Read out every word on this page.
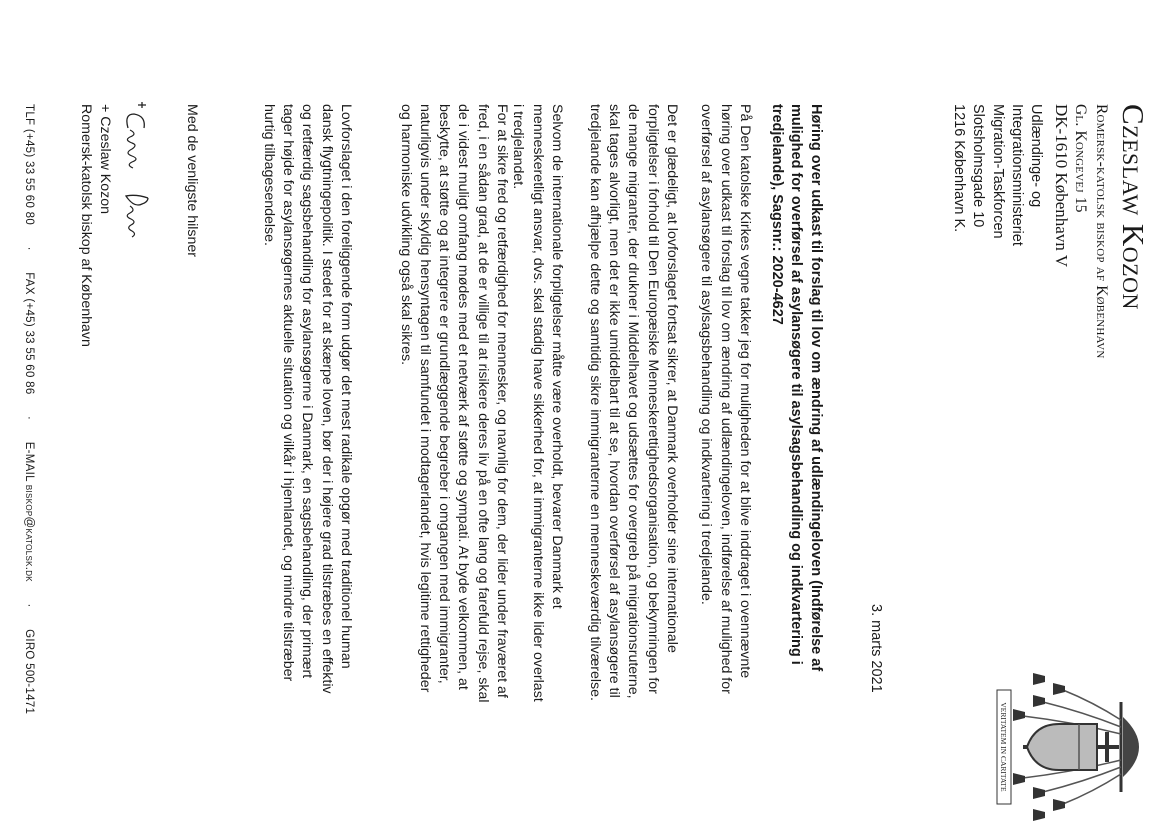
VERITATEM IN CARITATE
Czeslaw Kozon
Romersk-katolsk biskop af København
Gl. Kongevej 15
DK-1610 København V
Udlændinge- og
Integrationsministeriet
Migration-Taskforcen
Slotsholmsgade 10
1216 København K.
3. marts 2021
Høring over udkast til forslag til lov om ændring af udlændingeloven (Indførelse af mulighed for overførsel af asylansøgere til asylsagsbehandling og indkvartering i tredjelande), Sagsnr.: 2020-4627
På Den katolske Kirkes vegne takker jeg for muligheden for at blive inddraget i ovennævnte høring over udkast til forslag til lov om ændring af udlændingeloven, indførelse af mulighed for overførsel af asylansøgere til asylsagsbehandling og indkvartering i tredjelande.
Det er glædeligt, at lovforslaget fortsat sikrer, at Danmark overholder sine internationale forpligtelser i forhold til Den Europæiske Menneskerettighedsorganisation, og bekymringen for de mange migranter, der drukner i Middelhavet og udsættes for overgreb på migrationsruterne, skal tages alvorligt, men det er ikke umiddelbart til at se, hvordan overførsel af asylansøgere til tredjelande kan afhjælpe dette og samtidig sikre immigranterne en menneskeværdig tilværelse.
Selvom de internationale forpligtelser måtte være overholdt, bevarer Danmark et menneskeretligt ansvar, dvs. skal stadig have sikkerhed for, at immigranterne ikke lider overlast i tredjelandet.
For at sikre fred og retfærdighed for mennesker, og navnlig for dem, der lider under fraværet af fred, i en sådan grad, at de er villige til at risikere deres liv på en ofte lang og farefuld rejse, skal de i videst muligt omfang mødes med et netværk af støtte og sympati. At byde velkommen, at beskytte, at støtte og at integrere er grundlæggende begreber i omgangen med immigranter, naturligvis under skyldig hensyntagen til samfundet i modtagerlandet, hvis legitime rettigheder og harmoniske udvikling også skal sikres.
Lovforslaget i den foreliggende form udgør det mest radikale opgør med traditionel human dansk flygtningepolitik. I stedet for at skærpe loven, bør der i højere grad tilstræbes en effektiv og retfærdig sagsbehandling for asylansøgerne i Danmark, en sagsbehandling, der primært tager højde for asylansøgernes aktuelle situation og vilkår i hjemlandet, og mindre tilstræber hurtig tilbagesendelse.
Med de venligste hilsner
+ Czeslaw Kozon
Romersk-katolsk biskop af København
TLF (+45) 33 55 60 80 · FAX (+45) 33 55 60 86 · E-MAIL biskop@katolsk.dk · GIRO 500-1471
